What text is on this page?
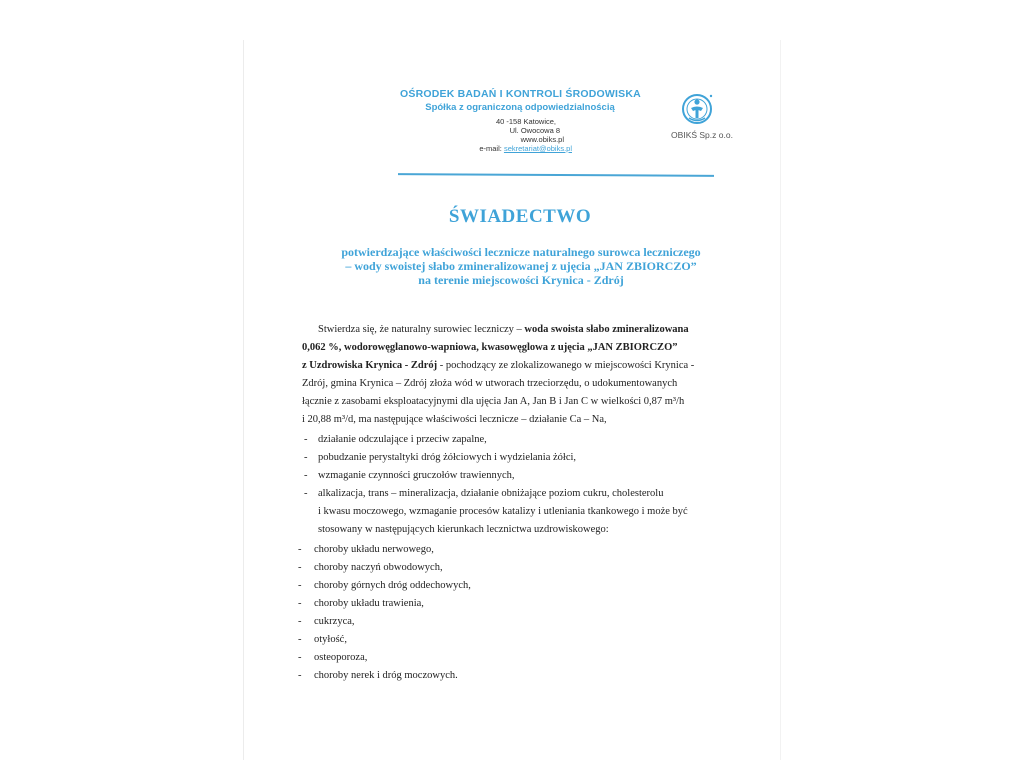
OŚRODEK BADAŃ I KONTROLI ŚRODOWISKA
Spółka z ograniczoną odpowiedzialnością
40 -158 Katowice,
Ul. Owocowa 8
www.obiks.pl
e-mail: sekretariat@obiks.pl
OBIKŚ Sp.z o.o.
ŚWIADECTWO
potwierdzające właściwości lecznicze naturalnego surowca leczniczego
– wody swoistej słabo zmineralizowanej z ujęcia „JAN ZBIORCZO”
na terenie miejscowości Krynica - Zdrój
Stwierdza się, że naturalny surowiec leczniczy – woda swoista słabo zmineralizowana
0,062 %, wodorowęglanowo-wapniowa, kwasowęglowa z ujęcia „JAN ZBIORCZO”
z Uzdrowiska Krynica - Zdrój - pochodzący ze zlokalizowanego w miejscowości Krynica -
Zdrój, gmina Krynica – Zdrój złoża wód w utworach trzeciorzędu, o udokumentowanych
łącznie z zasobami eksploatacyjnymi dla ujęcia Jan A, Jan B i Jan C w wielkości 0,87 m³/h
i 20,88 m³/d, ma następujące właściwości lecznicze – działanie Ca – Na,
- działanie odczulające i przeciw zapalne,
- pobudzanie perystaltyki dróg żółciowych i wydzielania żółci,
- wzmaganie czynności gruczołów trawiennych,
- alkalizacja, trans – mineralizacja, działanie obniżające poziom cukru, cholesterolu
i kwasu moczowego, wzmaganie procesów katalizy i utleniania tkankowego i może być
stosowany w następujących kierunkach lecznictwa uzdrowiskowego:
- choroby układu nerwowego,
- choroby naczyń obwodowych,
- choroby górnych dróg oddechowych,
- choroby układu trawienia,
- cukrzyca,
- otyłość,
- osteoporoza,
- choroby nerek i dróg moczowych.
